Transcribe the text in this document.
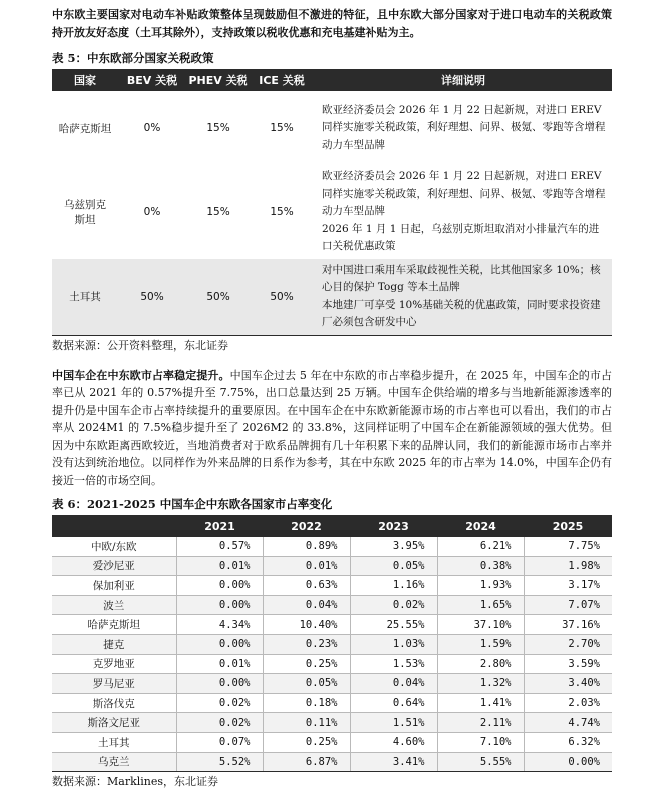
中东欧主要国家对电动车补贴政策整体呈现鼓励但不激进的特征，且中东欧大部分国家对于进口电动车的关税政策持开放友好态度（土耳其除外），支持政策以税收优惠和充电基建补贴为主。

表 5：中东欧部分国家关税政策
国家	BEV 关税	PHEV 关税	ICE 关税	详细说明
哈萨克斯坦	0%	15%	15%	欧亚经济委员会 2026 年 1 月 22 日起新规，对进口 EREV 同样实施零关税政策，利好理想、问界、极氪、零跑等含增程动力车型品牌
乌兹别克斯坦	0%	15%	15%	欧亚经济委员会 2026 年 1 月 22 日起新规，对进口 EREV 同样实施零关税政策，利好理想、问界、极氪、零跑等含增程动力车型品牌
2026 年 1 月 1 日起，乌兹别克斯坦取消对小排量汽车的进口关税优惠政策

土耳其	50%	50%	50%	对中国进口乘用车采取歧视性关税，比其他国家多 10%；核心目的保护 Togg 等本土品牌
本地建厂可享受 10%基础关税的优惠政策，同时要求投资建厂必须包含研发中心
数据来源：公开资料整理，东北证券

中国车企在中东欧市占率稳定提升。中国车企过去 5 年在中东欧的市占率稳步提升，在 2025 年，中国车企的市占率已从 2021 年的 0.57%提升至 7.75%，出口总量达到 25 万辆。中国车企供给端的增多与当地新能源渗透率的提升仍是中国车企市占率持续提升的重要原因。在中国车企在中东欧新能源市场的市占率也可以看出，我们的市占率从 2024M1 的 7.5%稳步提升至了 2026M2 的 33.8%，这同样证明了中国车企在新能源领域的强大优势。但因为中东欧距离西欧较近，当地消费者对于欧系品牌拥有几十年积累下来的品牌认同，我们的新能源市场市占率并没有达到统治地位。以同样作为外来品牌的日系作为参考，其在中东欧 2025 年的市占率为 14.0%，中国车企仍有接近一倍的市场空间。

表 6：2021-2025 中国车企中东欧各国家市占率变化
	2021	2022	2023	2024	2025
中欧/东欧	0.57%	0.89%	3.95%	6.21%	7.75%
爱沙尼亚	0.01%	0.01%	0.05%	0.38%	1.98%
保加利亚	0.00%	0.63%	1.16%	1.93%	3.17%
波兰	0.00%	0.04%	0.02%	1.65%	7.07%
哈萨克斯坦	4.34%	10.40%	25.55%	37.10%	37.16%
捷克	0.00%	0.23%	1.03%	1.59%	2.70%
克罗地亚	0.01%	0.25%	1.53%	2.80%	3.59%
罗马尼亚	0.00%	0.05%	0.04%	1.32%	3.40%
斯洛伐克	0.02%	0.18%	0.64%	1.41%	2.03%
斯洛文尼亚	0.02%	0.11%	1.51%	2.11%	4.74%
土耳其	0.07%	0.25%	4.60%	7.10%	6.32%
乌克兰	5.52%	6.87%	3.41%	5.55%	0.00%
数据来源：Marklines，东北证券
